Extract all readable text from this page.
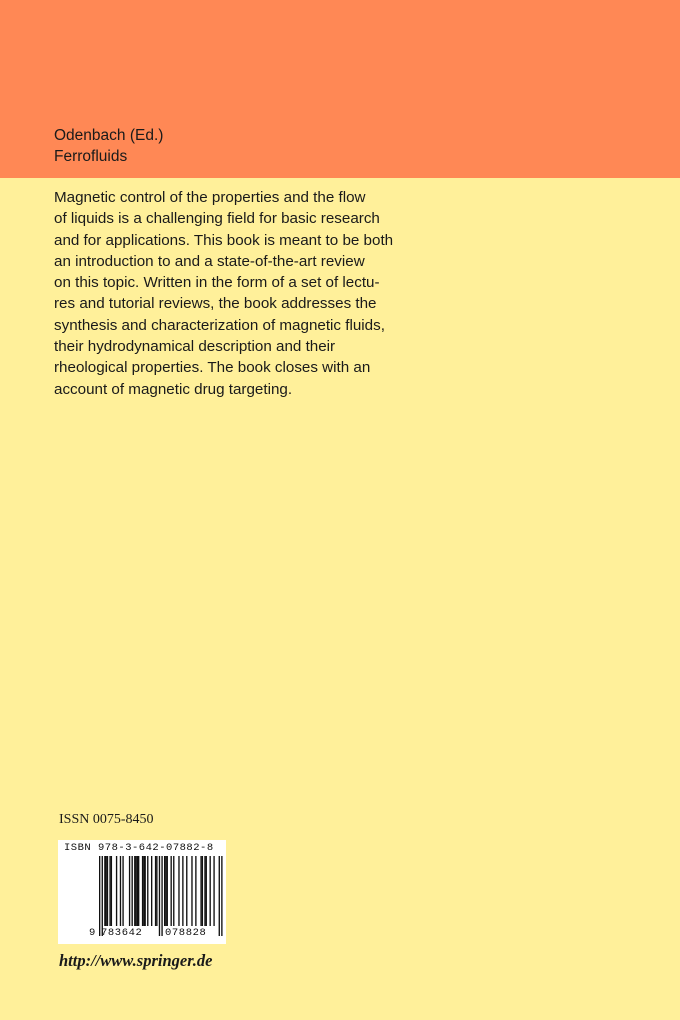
Odenbach (Ed.)
Ferrofluids
Magnetic control of the properties and the flow
of liquids is a challenging field for basic research
and for applications. This book is meant to be both
an introduction to and a state-of-the-art review
on this topic. Written in the form of a set of lectu-
res and tutorial reviews, the book addresses the
synthesis and characterization of magnetic fluids,
their hydrodynamical description and their
rheological properties. The book closes with an
account of magnetic drug targeting.
ISSN 0075-8450
ISBN 978-3-642-07882-8
9 783642 078828
http://www.springer.de
